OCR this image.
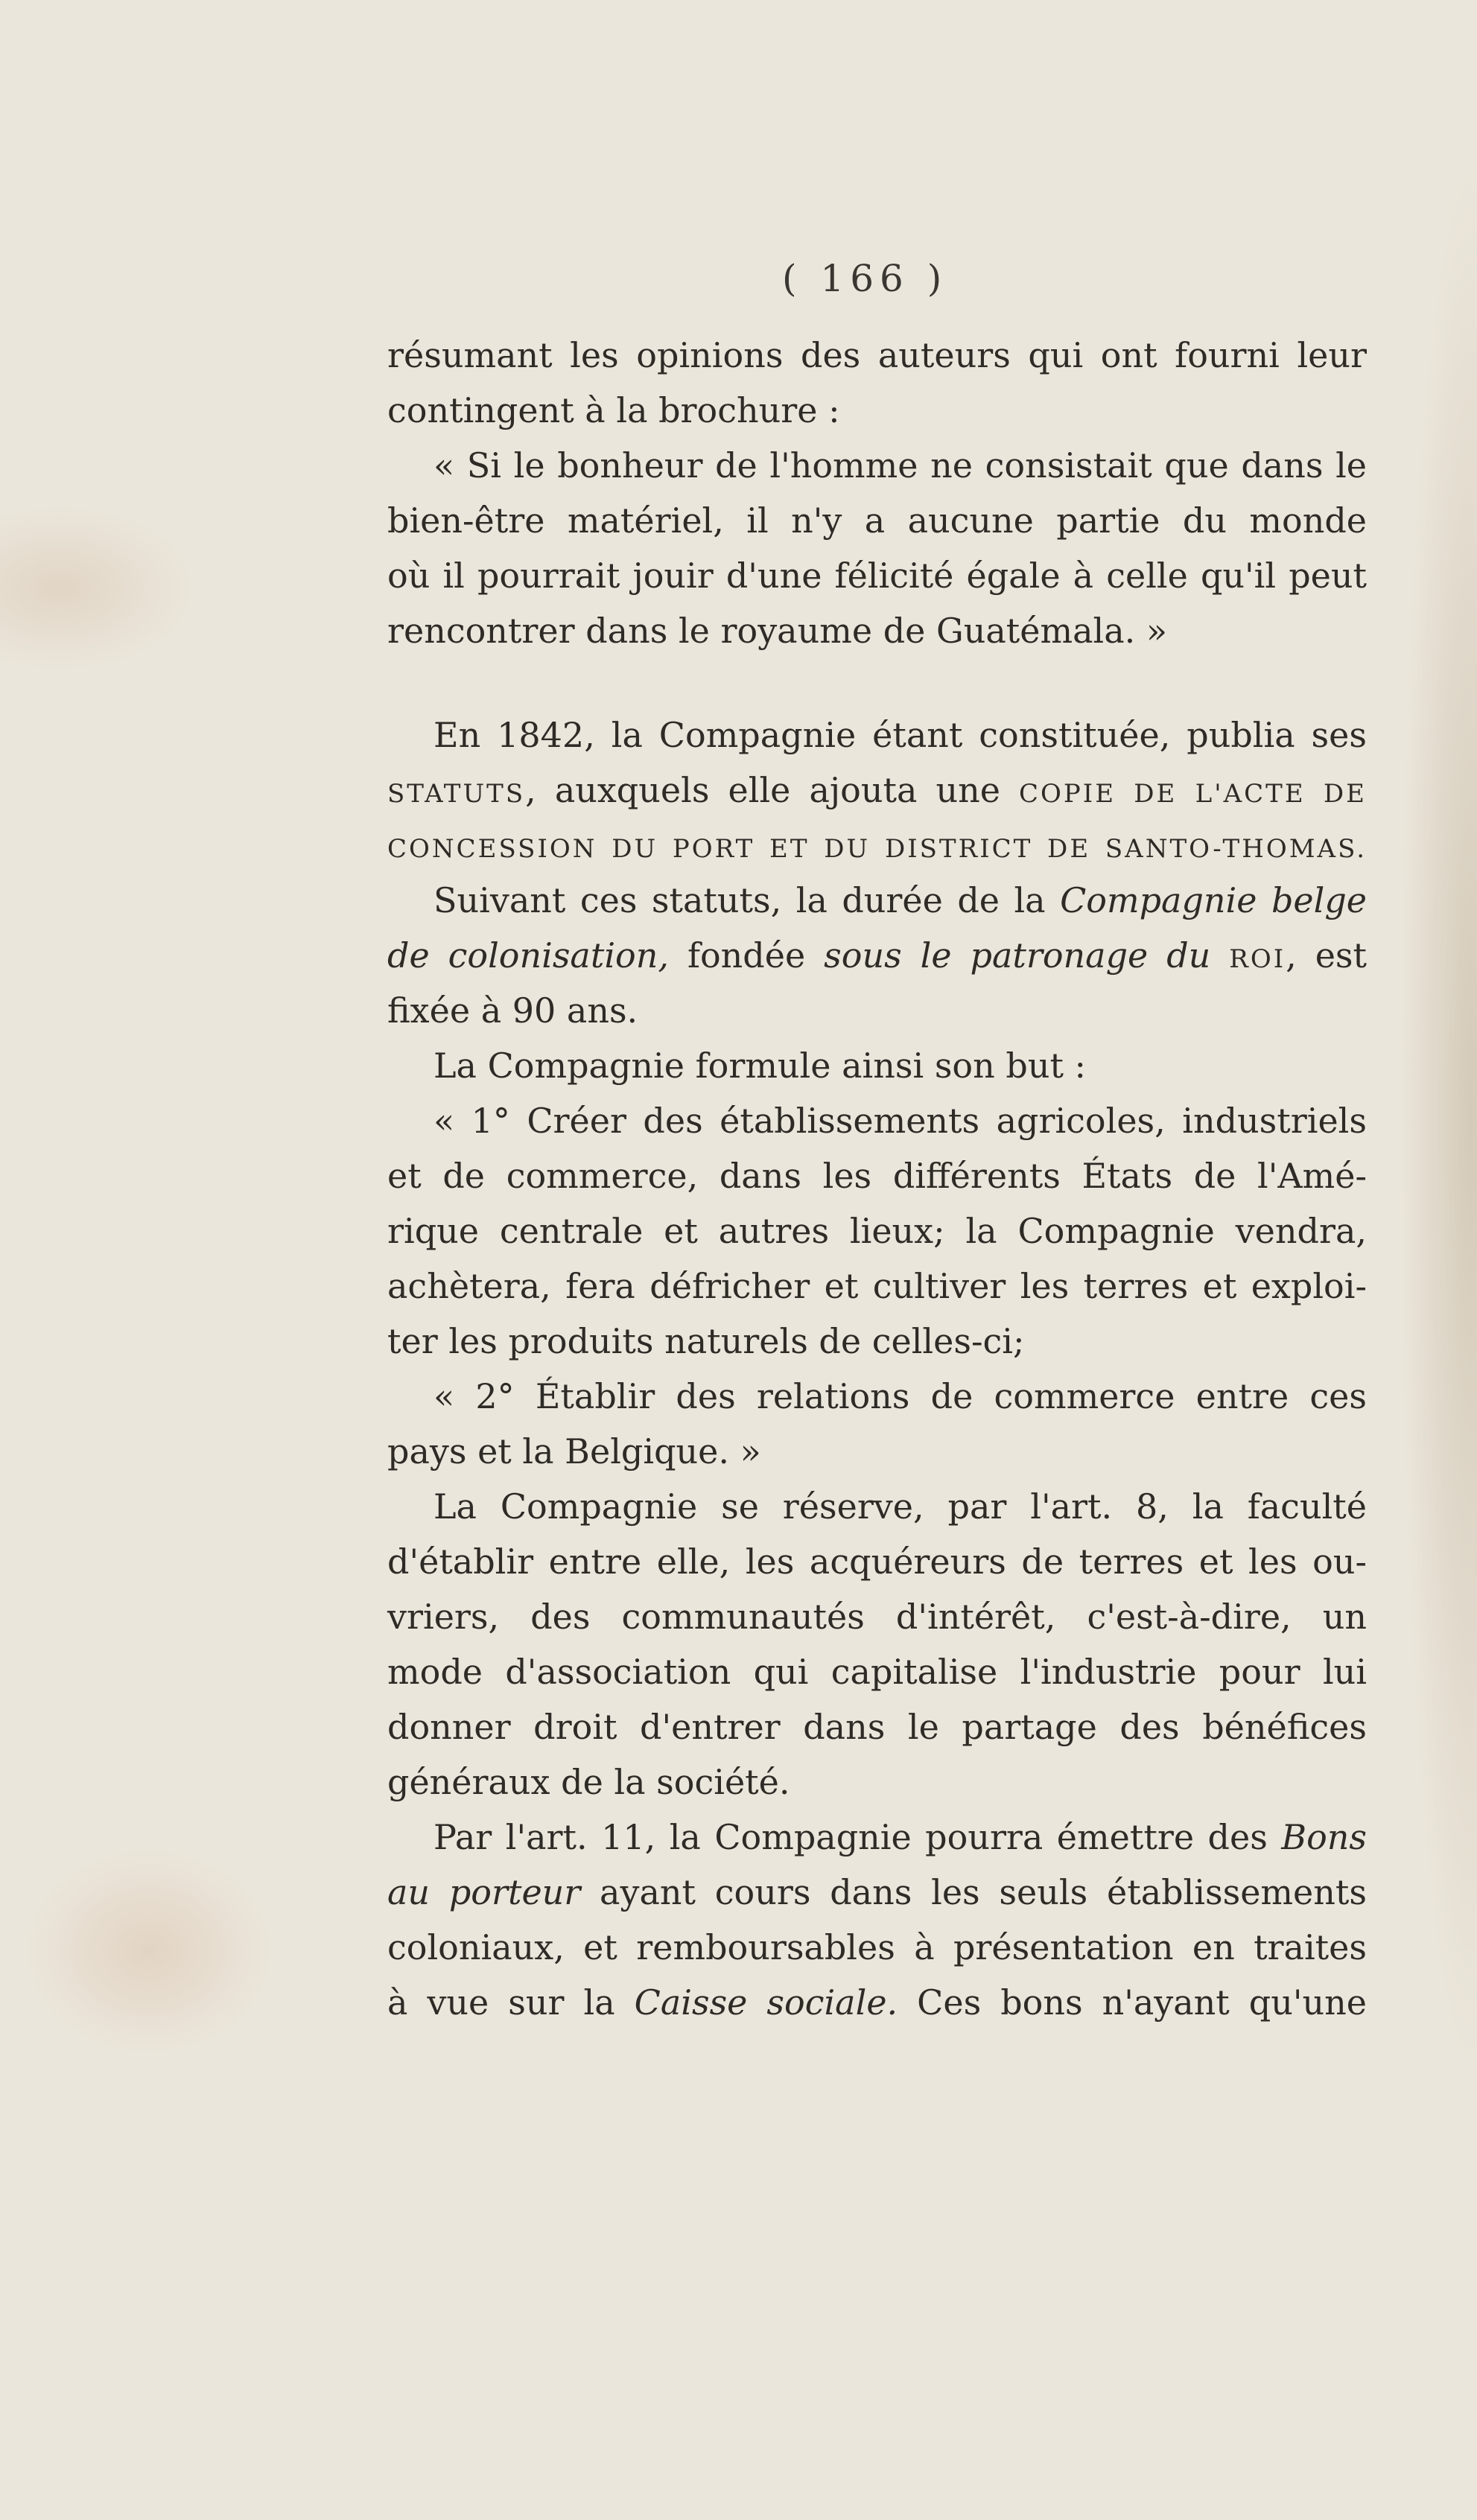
( 166 )
résumant les opinions des auteurs qui ont fourni leur
contingent à la brochure :
« Si le bonheur de l'homme ne consistait que dans le
bien-être matériel, il n'y a aucune partie du monde
où il pourrait jouir d'une félicité égale à celle qu'il peut
rencontrer dans le royaume de Guatémala. »
En 1842, la Compagnie étant constituée, publia ses
STATUTS, auxquels elle ajouta une COPIE DE L'ACTE DE
CONCESSION DU PORT ET DU DISTRICT DE SANTO-THOMAS.
Suivant ces statuts, la durée de la Compagnie belge
de colonisation, fondée sous le patronage du ROI, est
fixée à 90 ans.
La Compagnie formule ainsi son but :
« 1° Créer des établissements agricoles, industriels
et de commerce, dans les différents États de l'Amé-
rique centrale et autres lieux; la Compagnie vendra,
achètera, fera défricher et cultiver les terres et exploi-
ter les produits naturels de celles-ci;
« 2° Établir des relations de commerce entre ces
pays et la Belgique. »
La Compagnie se réserve, par l'art. 8, la faculté
d'établir entre elle, les acquéreurs de terres et les ou-
vriers, des communautés d'intérêt, c'est-à-dire, un
mode d'association qui capitalise l'industrie pour lui
donner droit d'entrer dans le partage des bénéfices
généraux de la société.
Par l'art. 11, la Compagnie pourra émettre des Bons
au porteur ayant cours dans les seuls établissements
coloniaux, et remboursables à présentation en traites
à vue sur la Caisse sociale. Ces bons n'ayant qu'une
